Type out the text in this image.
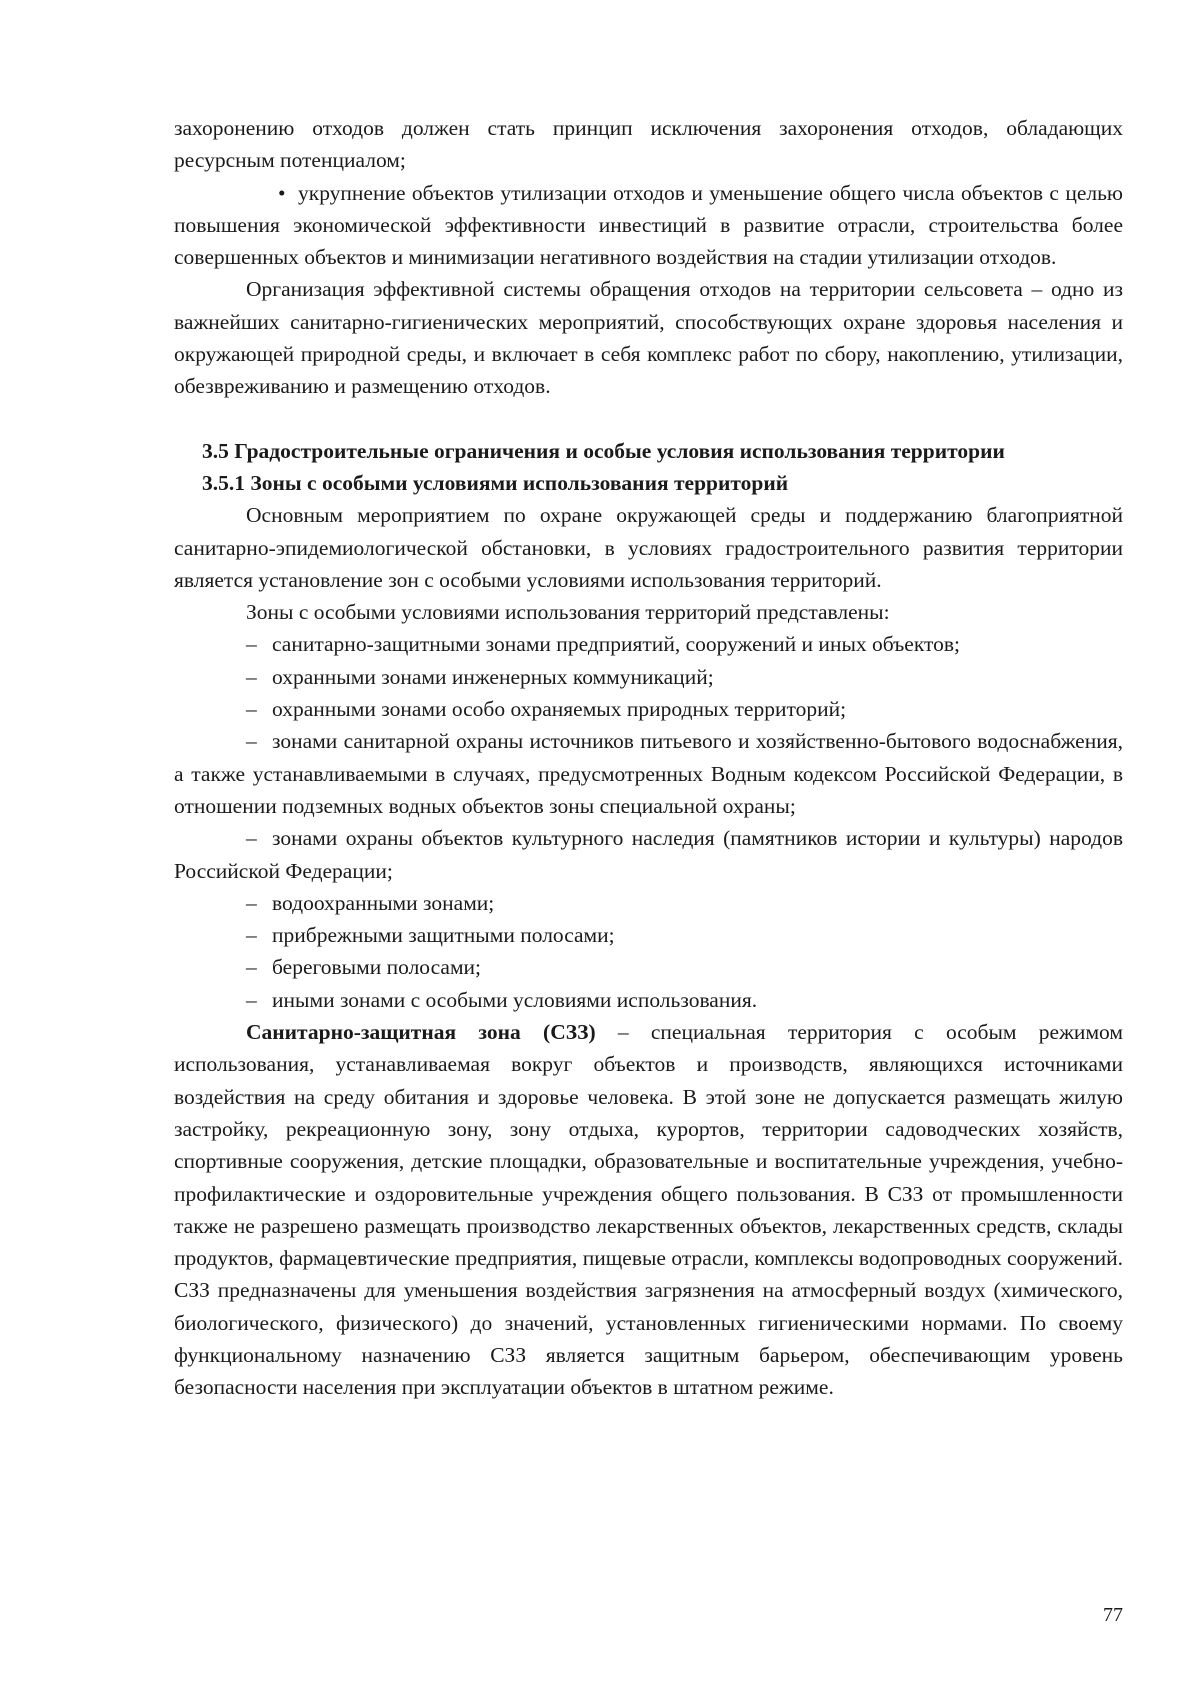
захоронению отходов должен стать принцип исключения захоронения отходов, обладающих ресурсным потенциалом;

• укрупнение объектов утилизации отходов и уменьшение общего числа объектов с целью повышения экономической эффективности инвестиций в развитие отрасли, строительства более совершенных объектов и минимизации негативного воздействия на стадии утилизации отходов.

Организация эффективной системы обращения отходов на территории сельсовета – одно из важнейших санитарно-гигиенических мероприятий, способствующих охране здоровья населения и окружающей природной среды, и включает в себя комплекс работ по сбору, накоплению, утилизации, обезвреживанию и размещению отходов.

3.5 Градостроительные ограничения и особые условия использования территории
3.5.1 Зоны с особыми условиями использования территорий

Основным мероприятием по охране окружающей среды и поддержанию благоприятной санитарно-эпидемиологической обстановки, в условиях градостроительного развития территории является установление зон с особыми условиями использования территорий.

Зоны с особыми условиями использования территорий представлены:

– санитарно-защитными зонами предприятий, сооружений и иных объектов;

– охранными зонами инженерных коммуникаций;

– охранными зонами особо охраняемых природных территорий;

– зонами санитарной охраны источников питьевого и хозяйственно-бытового водоснабжения, а также устанавливаемыми в случаях, предусмотренных Водным кодексом Российской Федерации, в отношении подземных водных объектов зоны специальной охраны;

– зонами охраны объектов культурного наследия (памятников истории и культуры) народов Российской Федерации;

– водоохранными зонами;

– прибрежными защитными полосами;

– береговыми полосами;

– иными зонами с особыми условиями использования.

Санитарно-защитная зона (СЗЗ) – специальная территория с особым режимом использования, устанавливаемая вокруг объектов и производств, являющихся источниками воздействия на среду обитания и здоровье человека. В этой зоне не допускается размещать жилую застройку, рекреационную зону, зону отдыха, курортов, территории садоводческих хозяйств, спортивные сооружения, детские площадки, образовательные и воспитательные учреждения, учебно-профилактические и оздоровительные учреждения общего пользования. В СЗЗ от промышленности также не разрешено размещать производство лекарственных объектов, лекарственных средств, склады продуктов, фармацевтические предприятия, пищевые отрасли, комплексы водопроводных сооружений. СЗЗ предназначены для уменьшения воздействия загрязнения на атмосферный воздух (химического, биологического, физического) до значений, установленных гигиеническими нормами. По своему функциональному назначению СЗЗ является защитным барьером, обеспечивающим уровень безопасности населения при эксплуатации объектов в штатном режиме.

77
